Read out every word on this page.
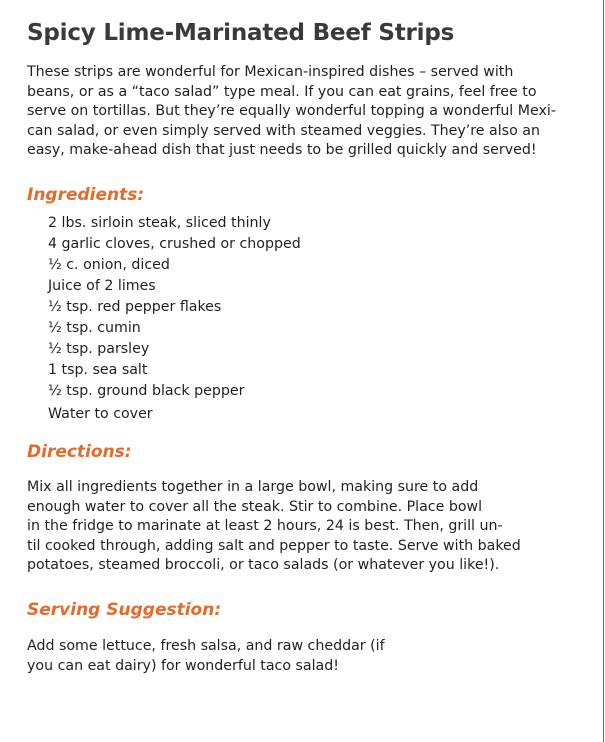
Spicy Lime-Marinated Beef Strips

These strips are wonderful for Mexican-inspired dishes – served with
beans, or as a “taco salad” type meal. If you can eat grains, feel free to
serve on tortillas. But they’re equally wonderful topping a wonderful Mexi-
can salad, or even simply served with steamed veggies. They’re also an
easy, make-ahead dish that just needs to be grilled quickly and served!

Ingredients:
2 lbs. sirloin steak, sliced thinly
4 garlic cloves, crushed or chopped
½ c. onion, diced
Juice of 2 limes
½ tsp. red pepper flakes
½ tsp. cumin
½ tsp. parsley
1 tsp. sea salt
½ tsp. ground black pepper
Water to cover
Directions:

Mix all ingredients together in a large bowl, making sure to add
enough water to cover all the steak. Stir to combine. Place bowl
in the fridge to marinate at least 2 hours, 24 is best. Then, grill un-
til cooked through, adding salt and pepper to taste. Serve with baked
potatoes, steamed broccoli, or taco salads (or whatever you like!).

Serving Suggestion:

Add some lettuce, fresh salsa, and raw cheddar (if
you can eat dairy) for wonderful taco salad!
